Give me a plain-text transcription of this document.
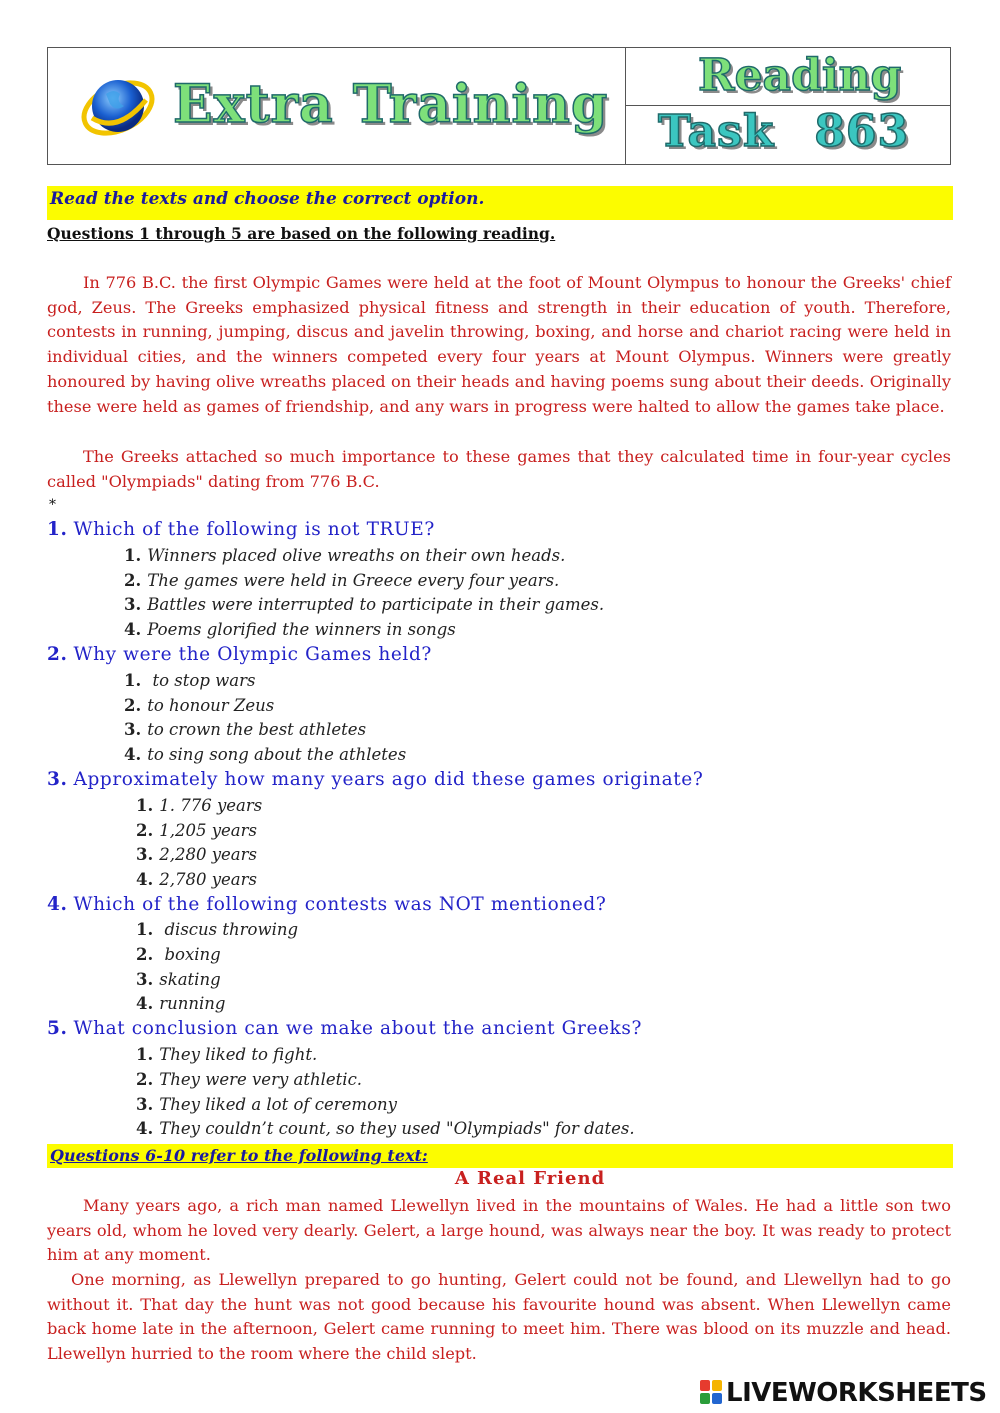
Extra Training Reading
Task 863
Read the texts and choose the correct option.
Questions 1 through 5 are based on the following reading.

In 776 B.C. the first Olympic Games were held at the foot of Mount Olympus to honour the Greeks' chief god, Zeus. The Greeks emphasized physical fitness and strength in their education of youth. Therefore, contests in running, jumping, discus and javelin throwing, boxing, and horse and chariot racing were held in individual cities, and the winners competed every four years at Mount Olympus. Winners were greatly honoured by having olive wreaths placed on their heads and having poems sung about their deeds. Originally these were held as games of friendship, and any wars in progress were halted to allow the games take place.

The Greeks attached so much importance to these games that they calculated time in four-year cycles called "Olympiads" dating from 776 B.C.

*
1. Which of the following is not TRUE?
1. Winners placed olive wreaths on their own heads.
2. The games were held in Greece every four years.
3. Battles were interrupted to participate in their games.
4. Poems glorified the winners in songs
2. Why were the Olympic Games held?
1. to stop wars
2. to honour Zeus
3. to crown the best athletes
4. to sing song about the athletes
3. Approximately how many years ago did these games originate?
1. 1. 776 years
2. 1,205 years
3. 2,280 years
4. 2,780 years
4. Which of the following contests was NOT mentioned?
1. discus throwing
2. boxing
3. skating
4. running
5. What conclusion can we make about the ancient Greeks?
1. They liked to fight.
2. They were very athletic.
3. They liked a lot of ceremony
4. They couldn’t count, so they used "Olympiads" for dates.
Questions 6-10 refer to the following text:
A Real Friend

Many years ago, a rich man named Llewellyn lived in the mountains of Wales. He had a little son two years old, whom he loved very dearly. Gelert, a large hound, was always near the boy. It was ready to protect him at any moment.

One morning, as Llewellyn prepared to go hunting, Gelert could not be found, and Llewellyn had to go without it. That day the hunt was not good because his favourite hound was absent. When Llewellyn came back home late in the afternoon, Gelert came running to meet him. There was blood on its muzzle and head. Llewellyn hurried to the room where the child slept.

LIVEWORKSHEETS
